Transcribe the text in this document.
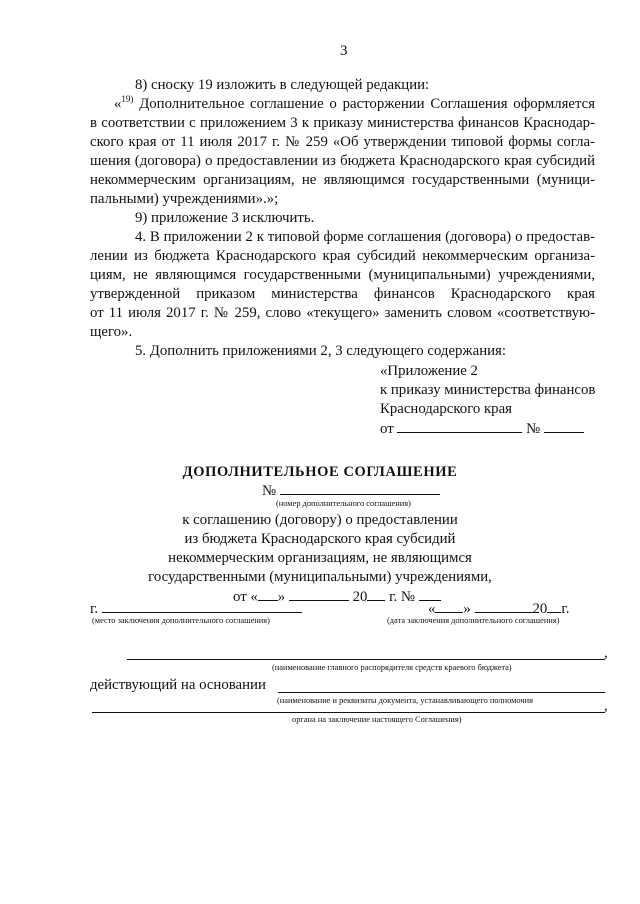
3
8) сноску 19 изложить в следующей редакции:
«$^{19)}$ Дополнительное соглашение о расторжении Соглашения оформляется
в соответствии с приложением 3 к приказу министерства финансов Краснодар-
ского края от 11 июля 2017 г. № 259 «Об утверждении типовой формы согла-
шения (договора) о предоставлении из бюджета Краснодарского края субсидий
некоммерческим организациям, не являющимся государственными (муници-
пальными) учреждениями».»;
9) приложение 3 исключить.
4. В приложении 2 к типовой форме соглашения (договора) о предостав-
лении из бюджета Краснодарского края субсидий некоммерческим организа-
циям, не являющимся государственными (муниципальными) учреждениями,
утвержденной приказом министерства финансов Краснодарского края
от 11 июля 2017 г. № 259, слово «текущего» заменить словом «соответствую-
щего».
5. Дополнить приложениями 2, 3 следующего содержания:
«Приложение 2
к приказу министерства финансов
Краснодарского края
от	№
ДОПОЛНИТЕЛЬНОЕ СОГЛАШЕНИЕ
№
(номер дополнительного соглашения)
к соглашению (договору) о предоставлении
из бюджета Краснодарского края субсидий
некоммерческим организациям, не являющимся
государственными (муниципальными) учреждениями,
от « »	20 г. №
г.
(место заключения дополнительного соглашения)
« »	20 г.
(дата заключения дополнительного соглашения)
,
(наименование главного распорядителя средств краевого бюджета)
действующий на основании
(наименование и реквизиты документа, устанавливающего полномочия	,
органа на заключение настоящего Соглашения)
